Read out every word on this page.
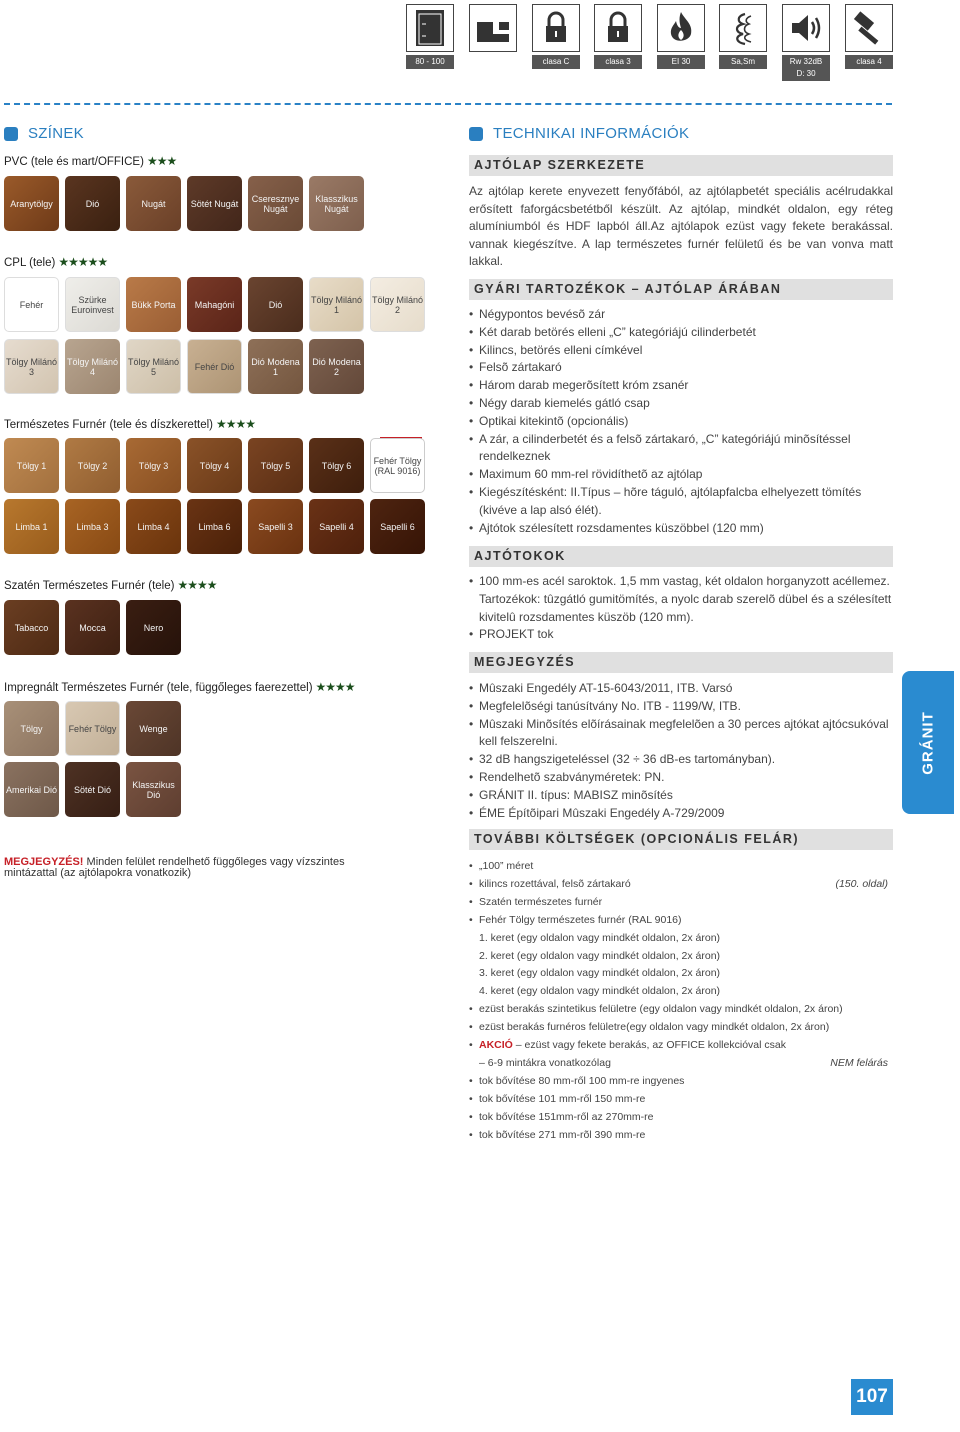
80 - 100	clasa C	clasa 3	EI 30	Sa,Sm	Rw 32dB
D: 30
clasa 4
SZÍNEK
PVC (tele és mart/OFFICE) ★★★
Aranytölgy	Dió	Nugát	Sötét Nugát	Cseresznye Nugát
Klasszikus Nugát
CPL (tele) ★★★★★
Fehér	Szürke Euroinvest	Bükk Porta	Mahagóni	Dió	Tölgy Milánó 1
Tölgy Milánó 2
Tölgy Milánó 3
Tölgy Milánó 4
Tölgy Milánó 5	Fehér Dió	Dió Modena 1
Dió Modena 2
Természetes Furnér (tele és díszkerettel) ★★★★
Tölgy 1	Tölgy 2	Tölgy 3	Tölgy 4	Tölgy 5	Tölgy 6	Fehér Tölgy (RAL 9016)
Limba 1	Limba 3	Limba 4	Limba 6	Sapelli 3	Sapelli 4	Sapelli 6
Szatén Természetes Furnér (tele) ★★★★
Tabacco	Mocca	Nero
Impregnált Természetes Furnér (tele, függőleges faerezettel) ★★★★
Tölgy	Fehér Tölgy	Wenge
Amerikai Dió	Sötét Dió	Klasszikus Dió
MEGJEGYZÉS! Minden felület rendelhető függőleges vagy vízszintes mintázattal (az ajtólapokra vonatkozik)
TECHNIKAI INFORMÁCIÓK
AJTÓLAP SZERKEZETE
Az ajtólap kerete enyvezett fenyőfából, az ajtólapbetét speciális acélrudakkal erősített faforgácsbetétből készült. Az ajtólap, mindkét oldalon, egy réteg alumíniumból és HDF lapból áll.Az ajtólapok ezüst vagy fekete berakással. vannak kiegészítve. A lap természetes furnér felületű és be van vonva matt lakkal.
GYÁRI TARTOZÉKOK – AJTÓLAP ÁRÁBAN
• Négypontos bevésõ zár
• Két darab betörés elleni „C” kategóriájú cilinderbetét
• Kilincs, betörés elleni címkével
• Felsõ zártakaró
• Három darab megerõsített króm zsanér
• Négy darab kiemelés gátló csap
• Optikai kitekintõ (opcionális)
• A zár, a cilinderbetét és a felsõ zártakaró, „C” kategóriájú minõsítéssel rendelkeznek
• Maximum 60 mm-rel rövidíthetõ az ajtólap
• Kiegészítésként: II.Típus – hõre táguló, ajtólapfalcba elhelyezett tömítés (kivéve a lap alsó élét).
• Ajtótok szélesített rozsdamentes küszöbbel (120 mm)
AJTÓTOKOK
• 100 mm-es acél saroktok. 1,5 mm vastag, két oldalon horganyzott acéllemez. Tartozékok: tûzgátló gumitömítés, a nyolc darab szerelõ dübel és a szélesített kivitelû rozsdamentes küszöb (120 mm).
• PROJEKT tok
MEGJEGYZÉS
• Mûszaki Engedély AT-15-6043/2011, ITB. Varsó
• Megfelelõségi tanúsítvány No. ITB - 1199/W, ITB.
• Mûszaki Minõsítés elõírásainak megfelelõen a 30 perces ajtókat ajtócsukóval kell felszerelni.
• 32 dB hangszigeteléssel (32 ÷ 36 dB-es tartományban).
• Rendelhetõ szabványméretek: PN.
• GRÁNIT II. típus: MABISZ minõsítés
• ÉME Építõipari Mûszaki Engedély A-729/2009
TOVÁBBI KÖLTSÉGEK (OPCIONÁLIS FELÁR)
• „100” méret
• kilincs rozettával, felsõ zártakaró	(150. oldal)
• Szatén természetes furnér
• Fehér Tölgy természetes furnér (RAL 9016)
1. keret (egy oldalon vagy mindkét oldalon, 2x áron)
2. keret (egy oldalon vagy mindkét oldalon, 2x áron)
3. keret (egy oldalon vagy mindkét oldalon, 2x áron)
4. keret (egy oldalon vagy mindkét oldalon, 2x áron)
• ezüst berakás szintetikus felületre (egy oldalon vagy mindkét oldalon, 2x áron)
• ezüst berakás furnéros felületre(egy oldalon vagy mindkét oldalon, 2x áron)
• AKCIÓ – ezüst vagy fekete berakás, az OFFICE kollekcióval csak
– 6-9 mintákra vonatkozólag	NEM felárás
• tok bővítése 80 mm-ről 100 mm-re ingyenes
• tok bővítése 101 mm-ről 150 mm-re
• tok bővítése 151mm-ről az 270mm-re
• tok bõvítése 271 mm-rõl 390 mm-re
GRÁNIT
107
